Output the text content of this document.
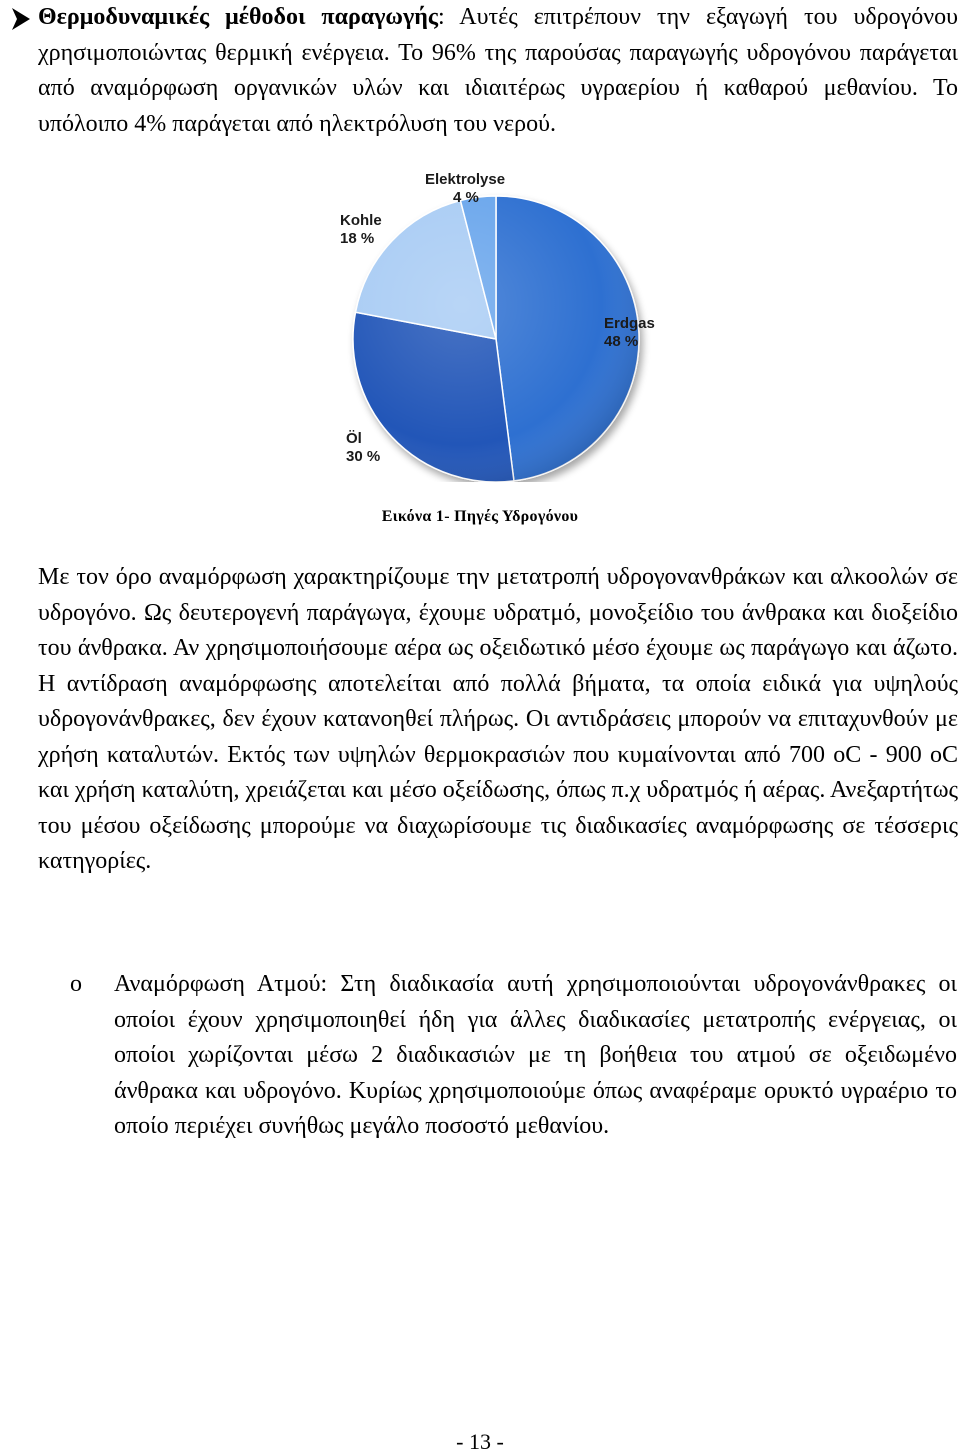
Θερμοδυναμικές μέθοδοι παραγωγής: Αυτές επιτρέπουν την εξαγωγή του υδρογόνου χρησιμοποιώντας θερμική ενέργεια. Το 96% της παρούσας παραγωγής υδρογόνου παράγεται από αναμόρφωση οργανικών υλών και ιδιαιτέρως υγραερίου ή καθαρού μεθανίου. Το υπόλοιπο 4% παράγεται από ηλεκτρόλυση του νερού.

Elektrolyse
4 %

Kohle
18 %

Erdgas
48 %

Öl
30 %

Εικόνα 1- Πηγές Υδρογόνου

Με τον όρο αναμόρφωση χαρακτηρίζουμε την μετατροπή υδρογονανθράκων και αλκοολών σε υδρογόνο. Ως δευτερογενή παράγωγα, έχουμε υδρατμό, μονοξείδιο του άνθρακα και διοξείδιο του άνθρακα. Αν χρησιμοποιήσουμε αέρα ως οξειδωτικό μέσο έχουμε ως παράγωγο και άζωτο. Η αντίδραση αναμόρφωσης αποτελείται από πολλά βήματα, τα οποία ειδικά για υψηλούς υδρογονάνθρακες, δεν έχουν κατανοηθεί πλήρως. Οι αντιδράσεις μπορούν να επιταχυνθούν με χρήση καταλυτών. Εκτός των υψηλών θερμοκρασιών που κυμαίνονται από 700 οC - 900 οC και χρήση καταλύτη, χρειάζεται και μέσο οξείδωσης, όπως π.χ υδρατμός ή αέρας. Ανεξαρτήτως του μέσου οξείδωσης μπορούμε να διαχωρίσουμε τις διαδικασίες αναμόρφωσης σε τέσσερις κατηγορίες.

o Αναμόρφωση Ατμού: Στη διαδικασία αυτή χρησιμοποιούνται υδρογονάνθρακες οι οποίοι έχουν χρησιμοποιηθεί ήδη για άλλες διαδικασίες μετατροπής ενέργειας, οι οποίοι χωρίζονται μέσω 2 διαδικασιών με τη βοήθεια του ατμού σε οξειδωμένο άνθρακα και υδρογόνο. Κυρίως χρησιμοποιούμε όπως αναφέραμε ορυκτό υγραέριο το οποίο περιέχει συνήθως μεγάλο ποσοστό μεθανίου.

- 13 -
